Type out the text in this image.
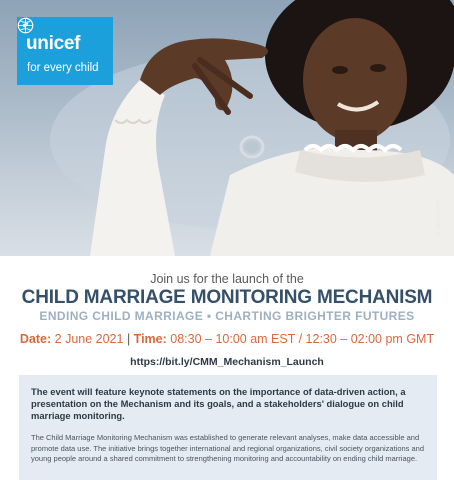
unicef
for every child
© UNICEF/UN0...
Join us for the launch of the
CHILD MARRIAGE MONITORING MECHANISM
ENDING CHILD MARRIAGE • CHARTING BRIGHTER FUTURES
Date: 2 June 2021 | Time: 08:30 – 10:00 am EST / 12:30 – 02:00 pm GMT
https://bit.ly/CMM_Mechanism_Launch
The event will feature keynote statements on the importance of data-driven action, a presentation on the Mechanism and its goals, and a stakeholders' dialogue on child marriage monitoring.
The Child Marriage Monitoring Mechanism was established to generate relevant analyses, make data accessible and promote data use. The initiative brings together international and regional organizations, civil society organizations and young people around a shared commitment to strengthening monitoring and accountability on ending child marriage.
